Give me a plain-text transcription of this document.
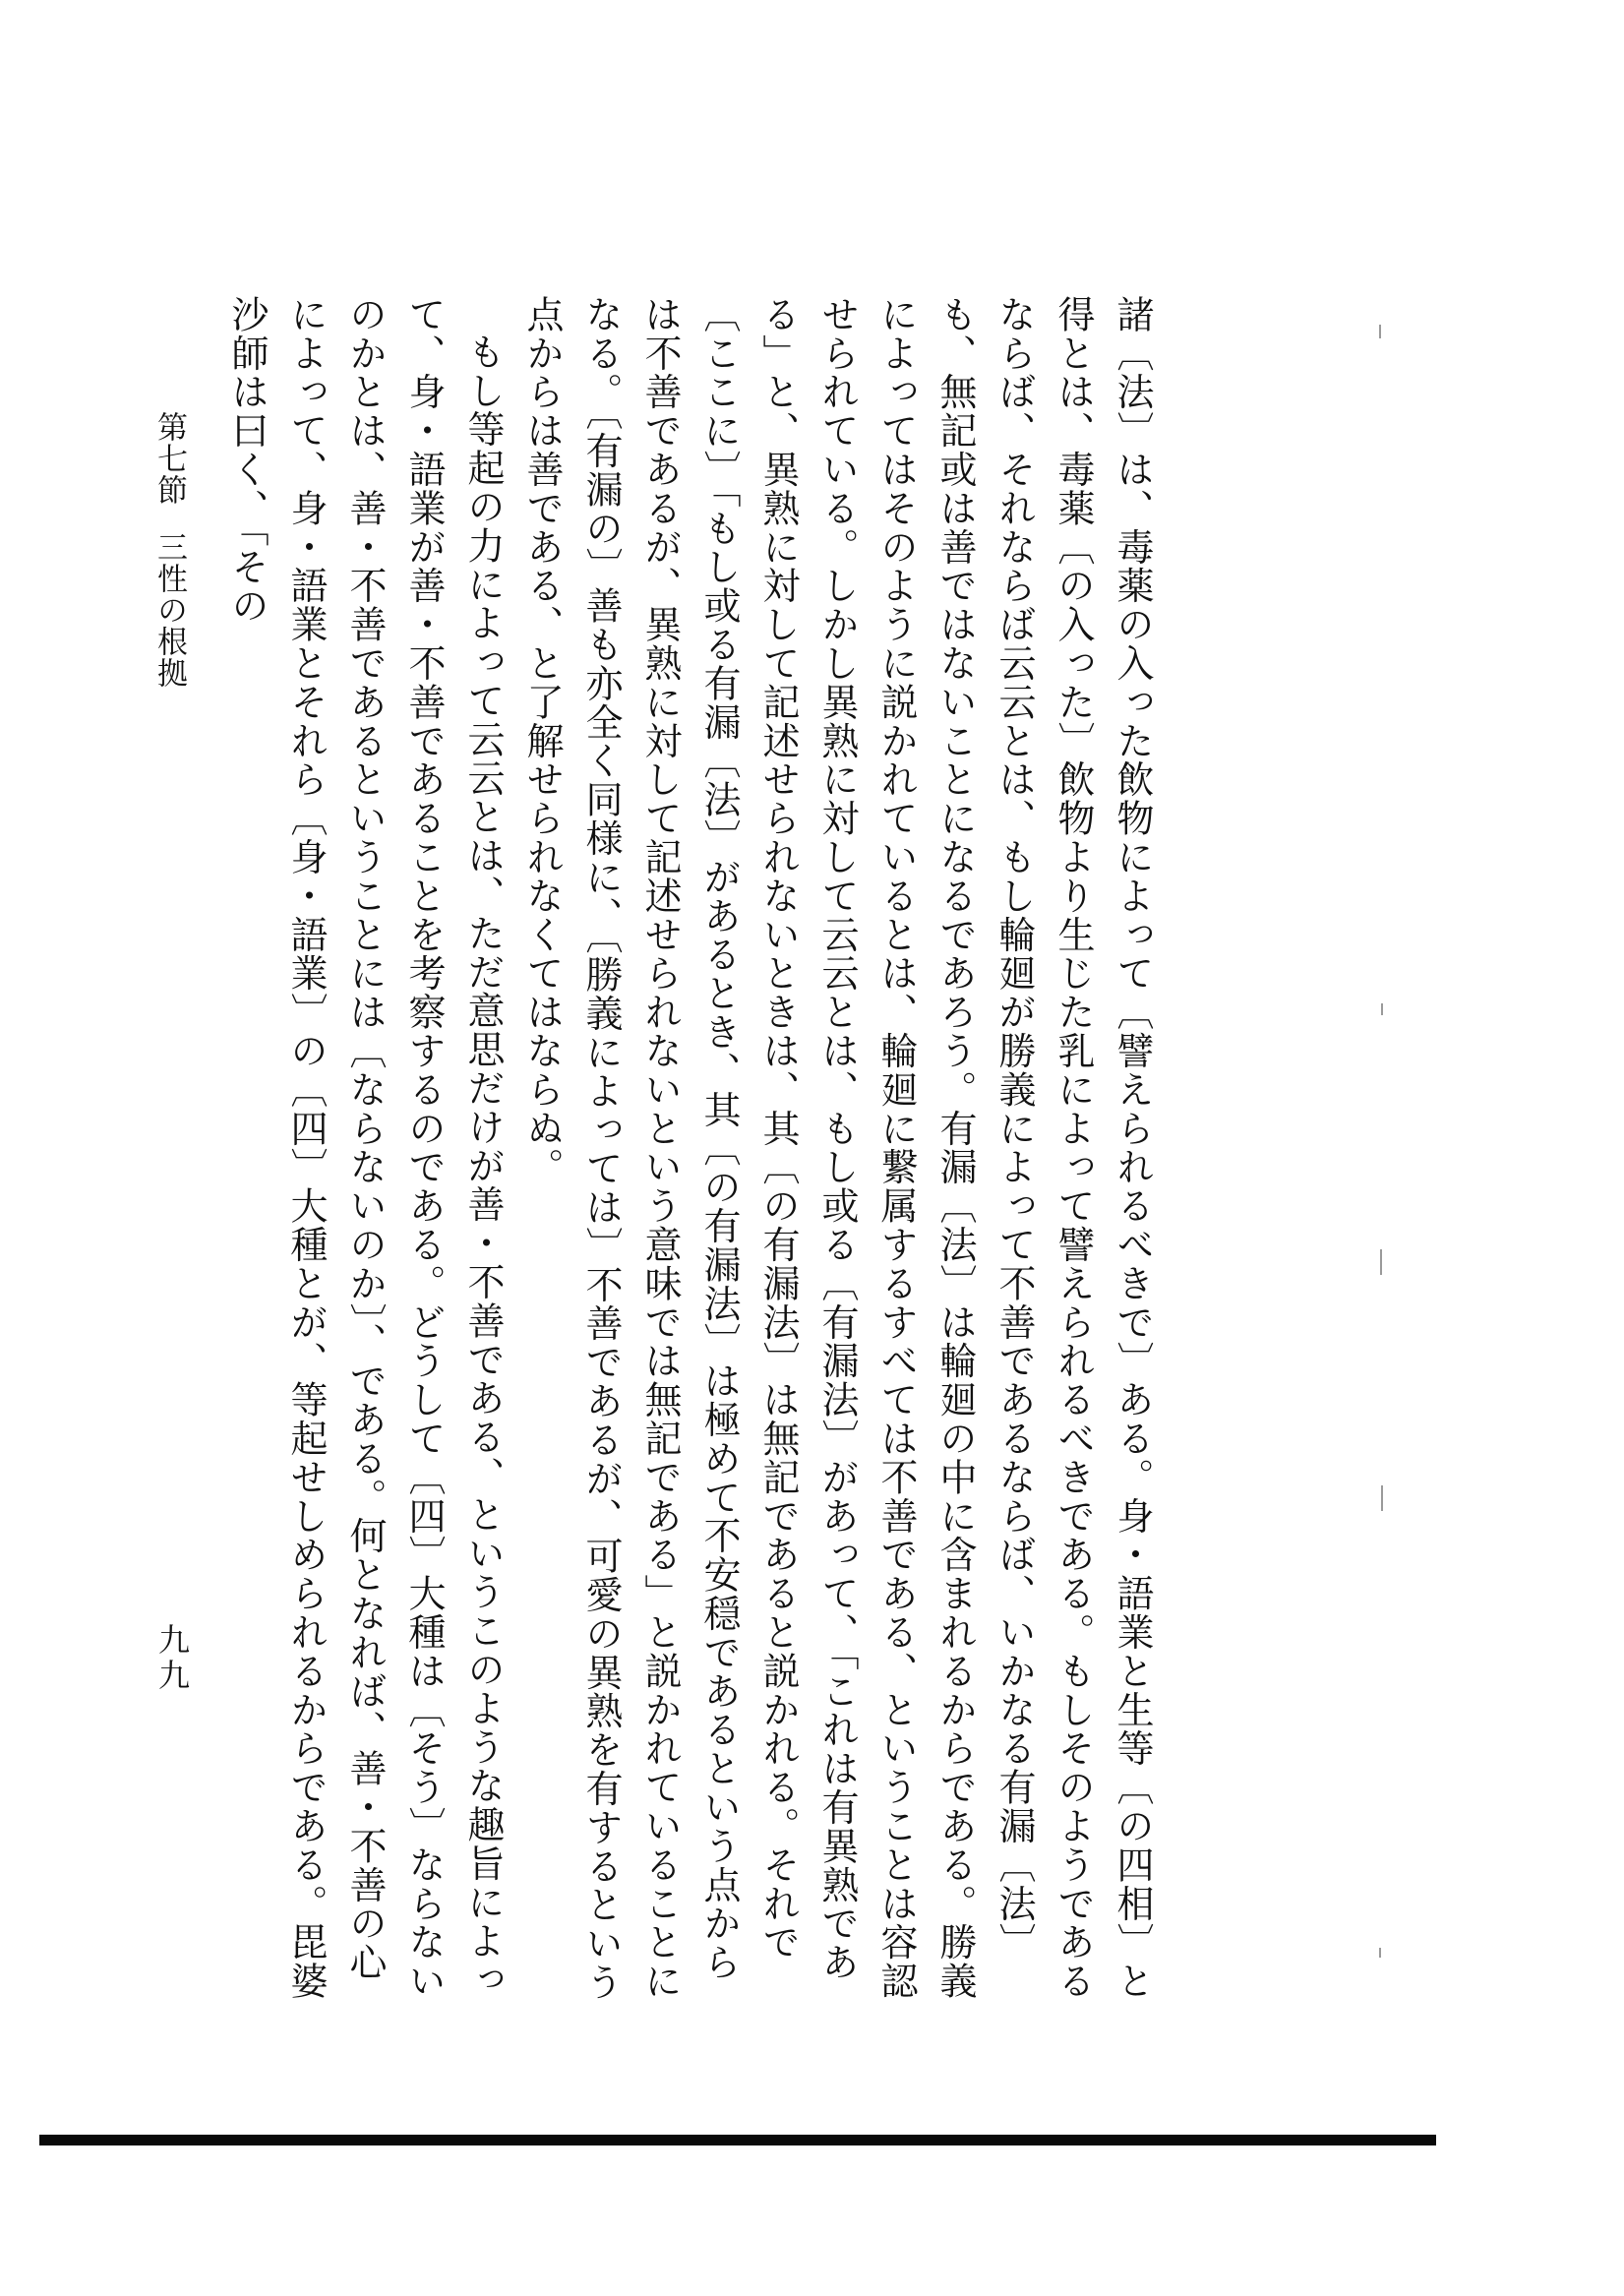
第七節
三性の根拠
九九	諸〔法〕は、毒薬の入った飲物によって〔譬えられるべきで〕ある。身・語業と生等〔の四相〕と得とは、毒薬〔の入った〕飲物より生じた乳によって譬えられるべきである。もしそのようであるならば、それならば云云とは、もし輪廻が勝義によって不善であるならば、いかなる有漏〔法〕も、無記或は善ではないことになるであろう。有漏〔法〕は輪廻の中に含まれるからである。勝義によってはそのように説かれているとは、輪廻に繋属するすべては不善である、ということは容認せられている。しかし異熟に対して云云とは、もし或る〔有漏法〕があって、「これは有異熟である」と、異熟に対して記述せられないときは、其〔の有漏法〕は無記であると説かれる。それで〔ここに〕「もし或る有漏〔法〕があるとき、其〔の有漏法〕は極めて不安穏であるという点からは不善であるが、異熟に対して記述せられないという意味では無記である」と説かれていることになる。〔有漏の〕善も亦全く同様に、〔勝義によっては〕不善であるが、可愛の異熟を有するという点からは善である、と了解せられなくてはならぬ。

もし等起の力によって云云とは、ただ意思だけが善・不善である、というこのような趣旨によって、身・語業が善・不善であることを考察するのである。どうして〔四〕大種は〔そう〕ならないのかとは、善・不善であるということには〔ならないのか〕、である。何となれば、善・不善の心によって、身・語業とそれら〔身・語業〕の〔四〕大種とが、等起せしめられるからである。毘婆沙師は曰く、「その
